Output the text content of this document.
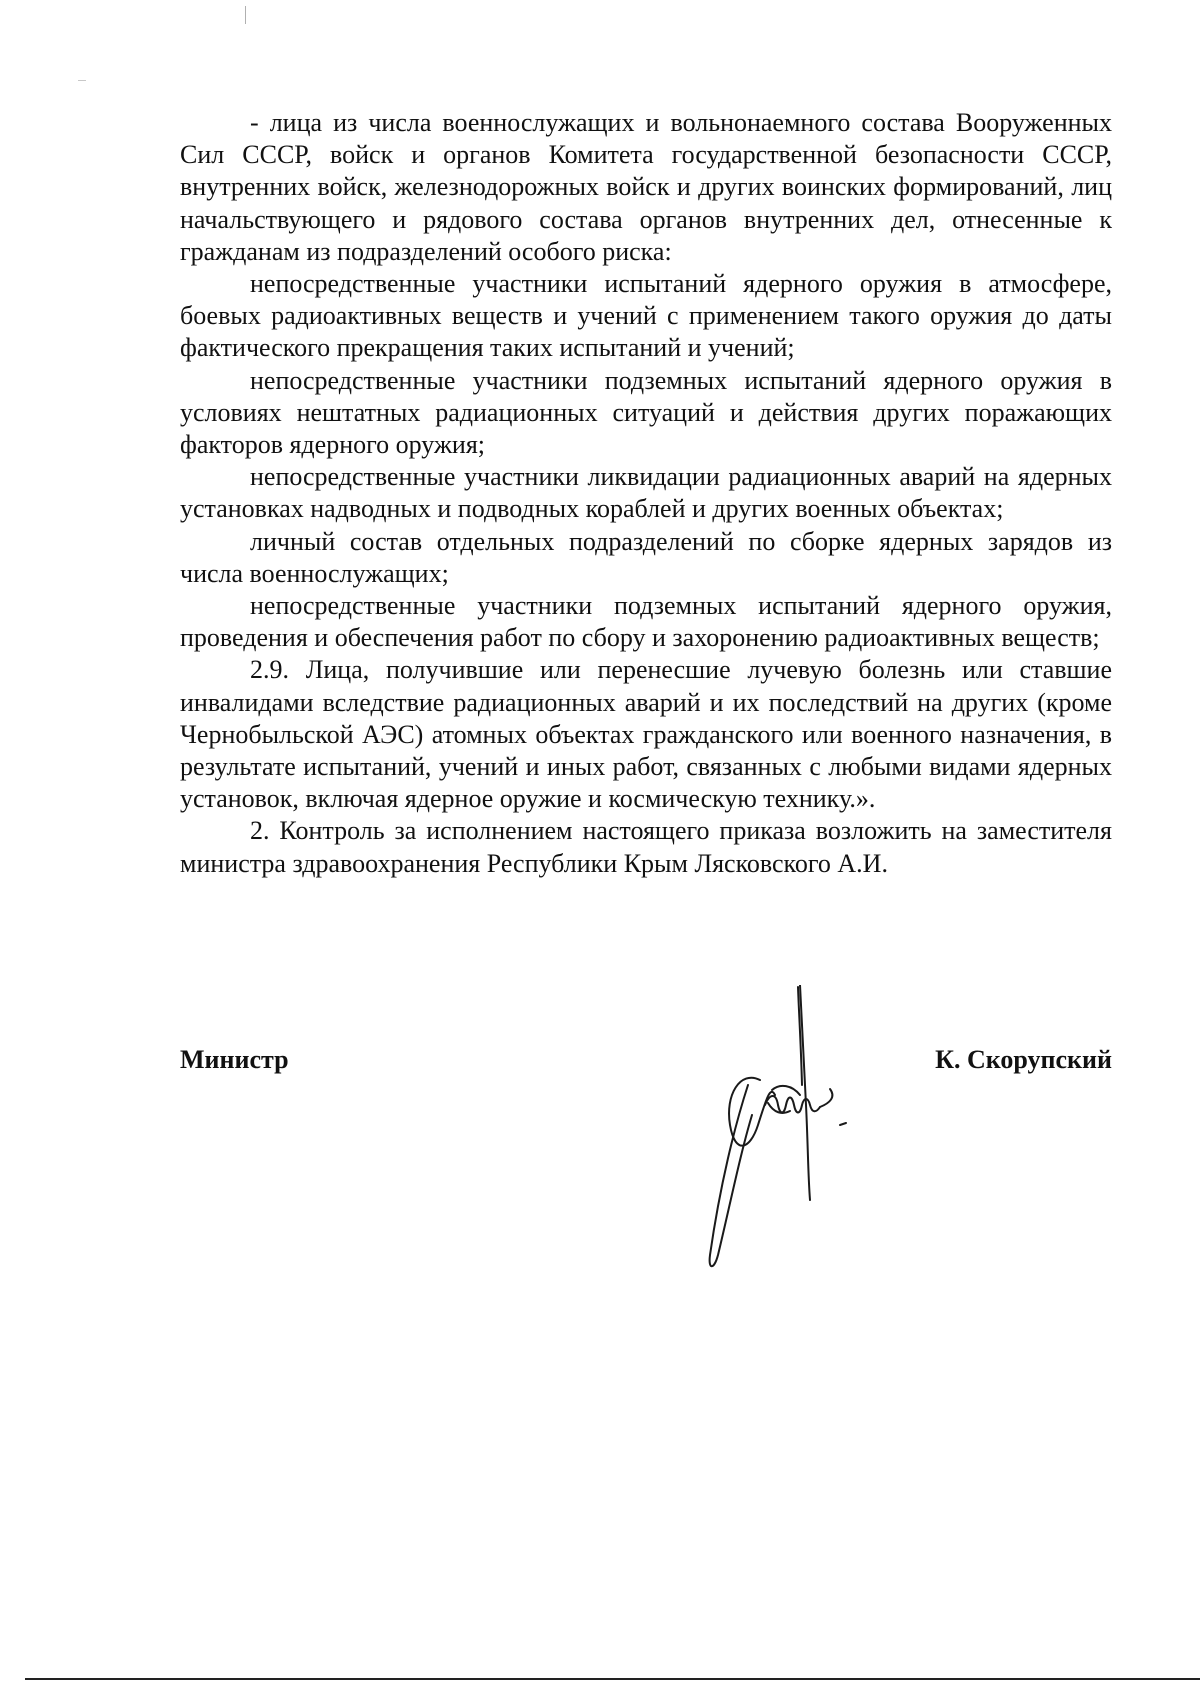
- лица из числа военнослужащих и вольнонаемного состава Вооруженных Сил СССР, войск и органов Комитета государственной безопасности СССР, внутренних войск, железнодорожных войск и других воинских формирований, лиц начальствующего и рядового состава органов внутренних дел, отнесенные к гражданам из подразделений особого риска:

непосредственные участники испытаний ядерного оружия в атмосфере, боевых радиоактивных веществ и учений с применением такого оружия до даты фактического прекращения таких испытаний и учений;

непосредственные участники подземных испытаний ядерного оружия в условиях нештатных радиационных ситуаций и действия других поражающих факторов ядерного оружия;

непосредственные участники ликвидации радиационных аварий на ядерных установках надводных и подводных кораблей и других военных объектах;

личный состав отдельных подразделений по сборке ядерных зарядов из числа военнослужащих;

непосредственные участники подземных испытаний ядерного оружия, проведения и обеспечения работ по сбору и захоронению радиоактивных веществ;

2.9. Лица, получившие или перенесшие лучевую болезнь или ставшие инвалидами вследствие радиационных аварий и их последствий на других (кроме Чернобыльской АЭС) атомных объектах гражданского или военного назначения, в результате испытаний, учений и иных работ, связанных с любыми видами ядерных установок, включая ядерное оружие и космическую технику.».

2. Контроль за исполнением настоящего приказа возложить на заместителя министра здравоохранения Республики Крым Лясковского А.И.

Министр	К. Скорупский
